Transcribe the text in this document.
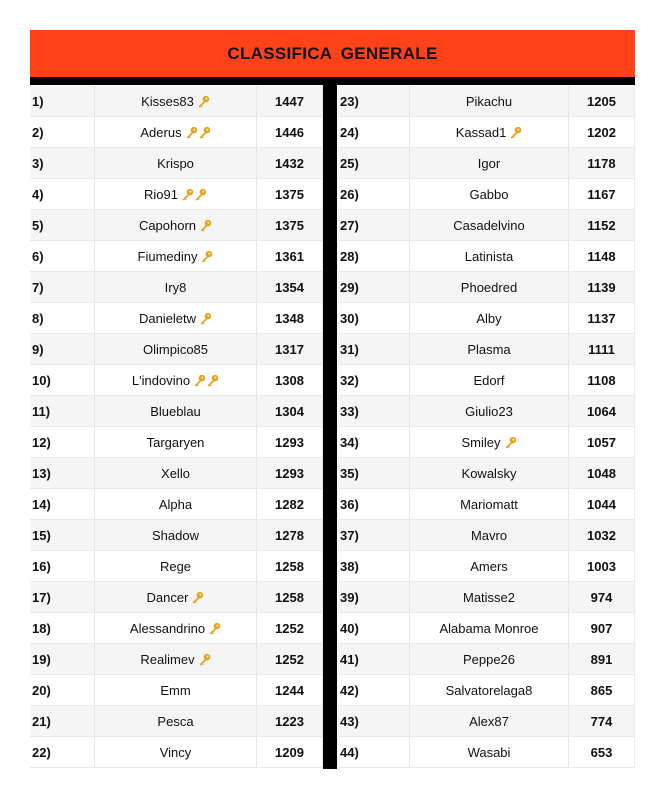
CLASSIFICA GENERALE
1)	Kisses83	1447
2)	Aderus	1446
3)	Krispo	1432
4)	Rio91	1375
5)	Capohorn	1375
6)	Fiumediny	1361
7)	Iry8	1354
8)	Danieletw	1348
9)	Olimpico85	1317
10)	L'indovino	1308
11)	Blueblau	1304
12)	Targaryen	1293
13)	Xello	1293
14)	Alpha	1282
15)	Shadow	1278
16)	Rege	1258
17)	Dancer	1258
18)	Alessandrino	1252
19)	Realimev	1252
20)	Emm	1244
21)	Pesca	1223
22)	Vincy	1209
23)	Pikachu	1205
24)	Kassad1	1202
25)	Igor	1178
26)	Gabbo	1167
27)	Casadelvino	1152
28)	Latinista	1148
29)	Phoedred	1139
30)	Alby	1137
31)	Plasma	1111
32)	Edorf	1108
33)	Giulio23	1064
34)	Smiley	1057
35)	Kowalsky	1048
36)	Mariomatt	1044
37)	Mavro	1032
38)	Amers	1003
39)	Matisse2	974
40)	Alabama Monroe	907
41)	Peppe26	891
42)	Salvatorelaga8	865
43)	Alex87	774
44)	Wasabi	653
